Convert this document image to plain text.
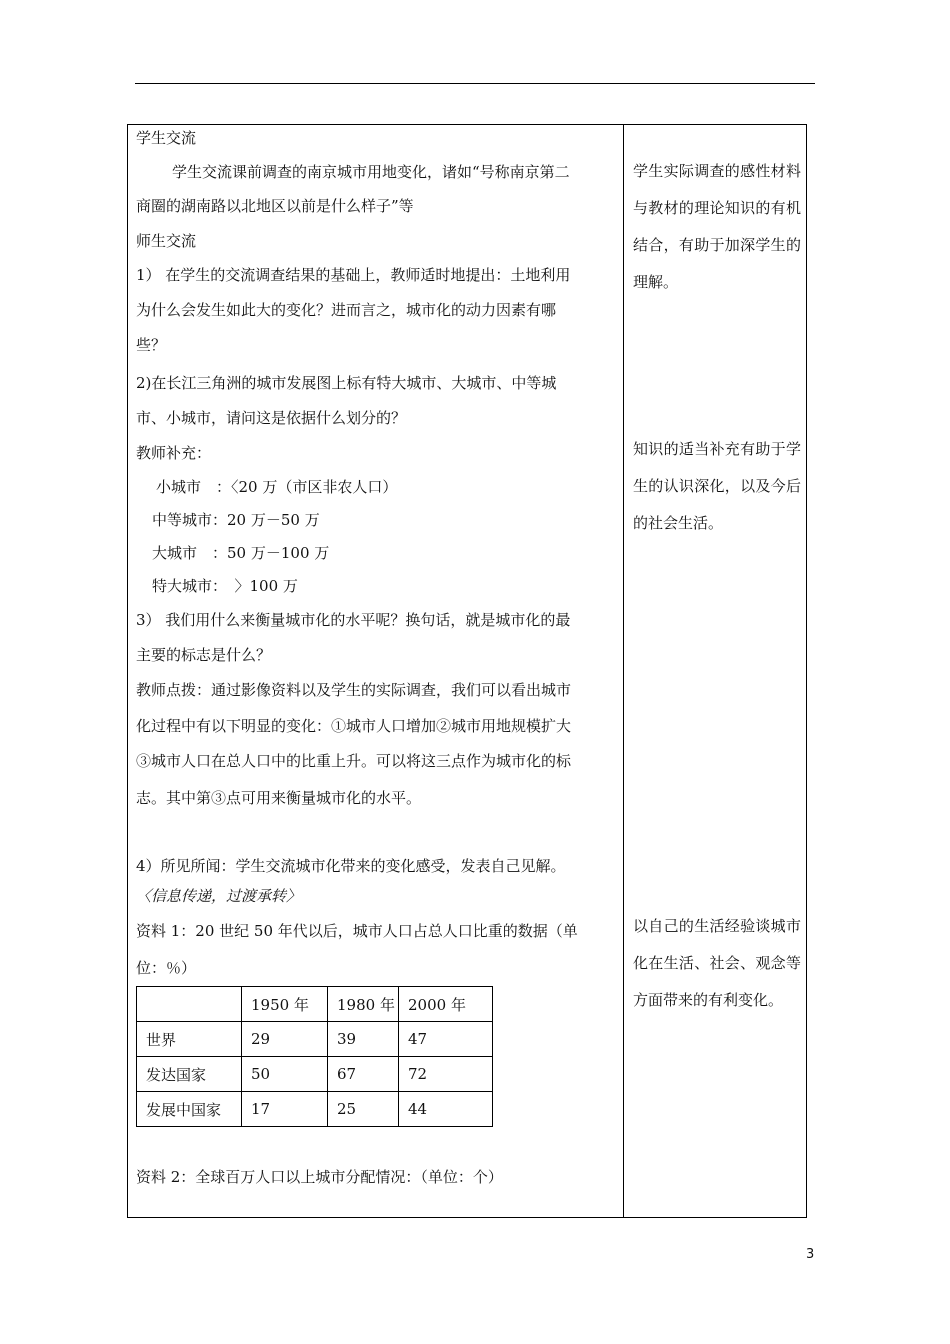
学生交流
学生交流课前调查的南京城市用地变化，诸如“号称南京第二
商圈的湖南路以北地区以前是什么样子”等
师生交流
1） 在学生的交流调查结果的基础上，教师适时地提出：土地利用
为什么会发生如此大的变化？进而言之，城市化的动力因素有哪
些？
2)在长江三角洲的城市发展图上标有特大城市、大城市、中等城
市、小城市，请问这是依据什么划分的？
教师补充：
小城市　：〈20 万（市区非农人口）
中等城市：20 万－50 万
大城市　：50 万－100 万
特大城市：　〉100 万
3） 我们用什么来衡量城市化的水平呢？换句话，就是城市化的最
主要的标志是什么？
教师点拨：通过影像资料以及学生的实际调查，我们可以看出城市
化过程中有以下明显的变化：①城市人口增加②城市用地规模扩大
③城市人口在总人口中的比重上升。可以将这三点作为城市化的标
志。其中第③点可用来衡量城市化的水平。
4）所见所闻：学生交流城市化带来的变化感受，发表自己见解。
〈信息传递，过渡承转〉
资料 1：20 世纪 50 年代以后，城市人口占总人口比重的数据（单
位：％）
	1950 年	1980 年	2000 年
世界	29	39	47
发达国家	50	67	72
发展中国家	17	25	44
资料 2：全球百万人口以上城市分配情况：（单位：个）
学生实际调查的感性材料与教材的理论知识的有机结合，有助于加深学生的理解。
知识的适当补充有助于学生的认识深化，以及今后的社会生活。
以自己的生活经验谈城市化在生活、社会、观念等方面带来的有利变化。
3
